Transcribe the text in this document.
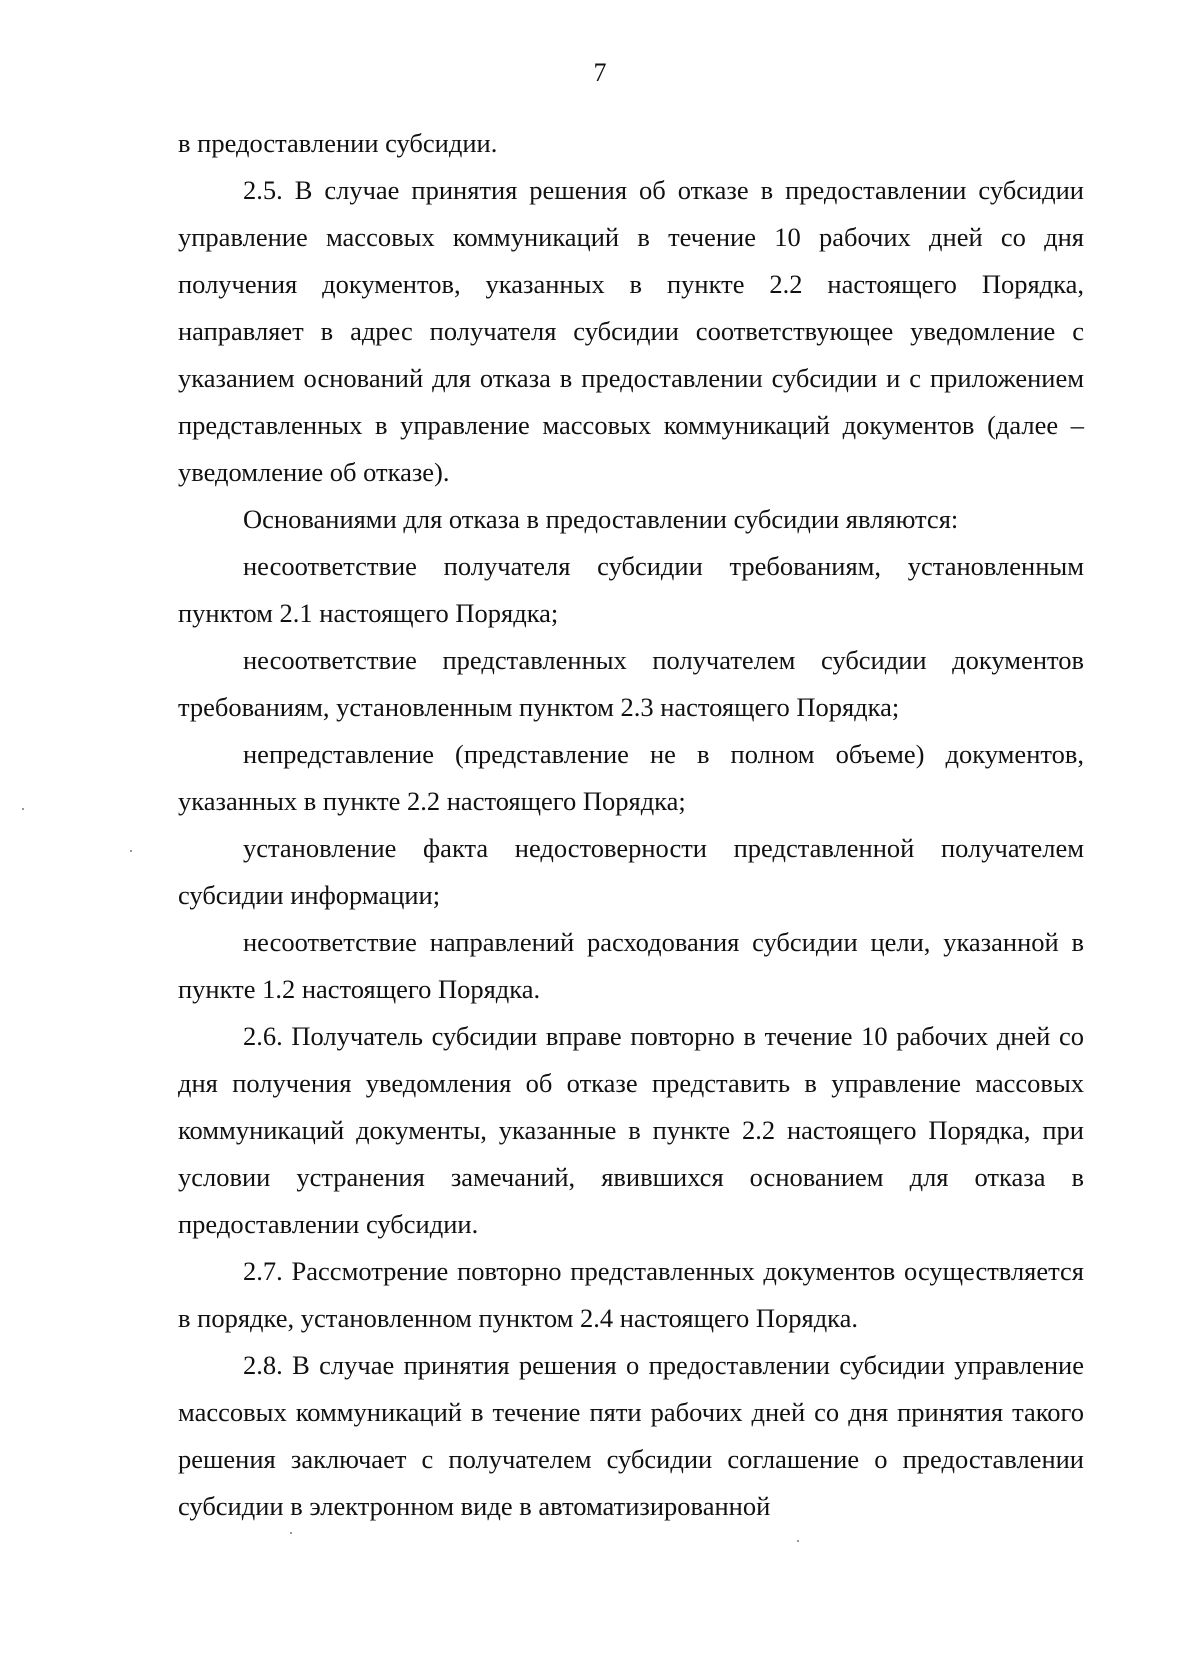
7

в предоставлении субсидии.

2.5. В случае принятия решения об отказе в предоставлении субсидии управление массовых коммуникаций в течение 10 рабочих дней со дня получения документов, указанных в пункте 2.2 настоящего Порядка, направляет в адрес получателя субсидии соответствующее уведомление с указанием оснований для отказа в предоставлении субсидии и с приложением представленных в управление массовых коммуникаций документов (далее – уведомление об отказе).

Основаниями для отказа в предоставлении субсидии являются:

несоответствие получателя субсидии требованиям, установленным пунктом 2.1 настоящего Порядка;

несоответствие представленных получателем субсидии документов требованиям, установленным пунктом 2.3 настоящего Порядка;

непредставление (представление не в полном объеме) документов, указанных в пункте 2.2 настоящего Порядка;

установление факта недостоверности представленной получателем субсидии информации;

несоответствие направлений расходования субсидии цели, указанной в пункте 1.2 настоящего Порядка.

2.6. Получатель субсидии вправе повторно в течение 10 рабочих дней со дня получения уведомления об отказе представить в управление массовых коммуникаций документы, указанные в пункте 2.2 настоящего Порядка, при условии устранения замечаний, явившихся основанием для отказа в предоставлении субсидии.

2.7. Рассмотрение повторно представленных документов осуществляется в порядке, установленном пунктом 2.4 настоящего Порядка.

2.8. В случае принятия решения о предоставлении субсидии управление массовых коммуникаций в течение пяти рабочих дней со дня принятия такого решения заключает с получателем субсидии соглашение о предоставлении субсидии в электронном виде в автоматизированной
